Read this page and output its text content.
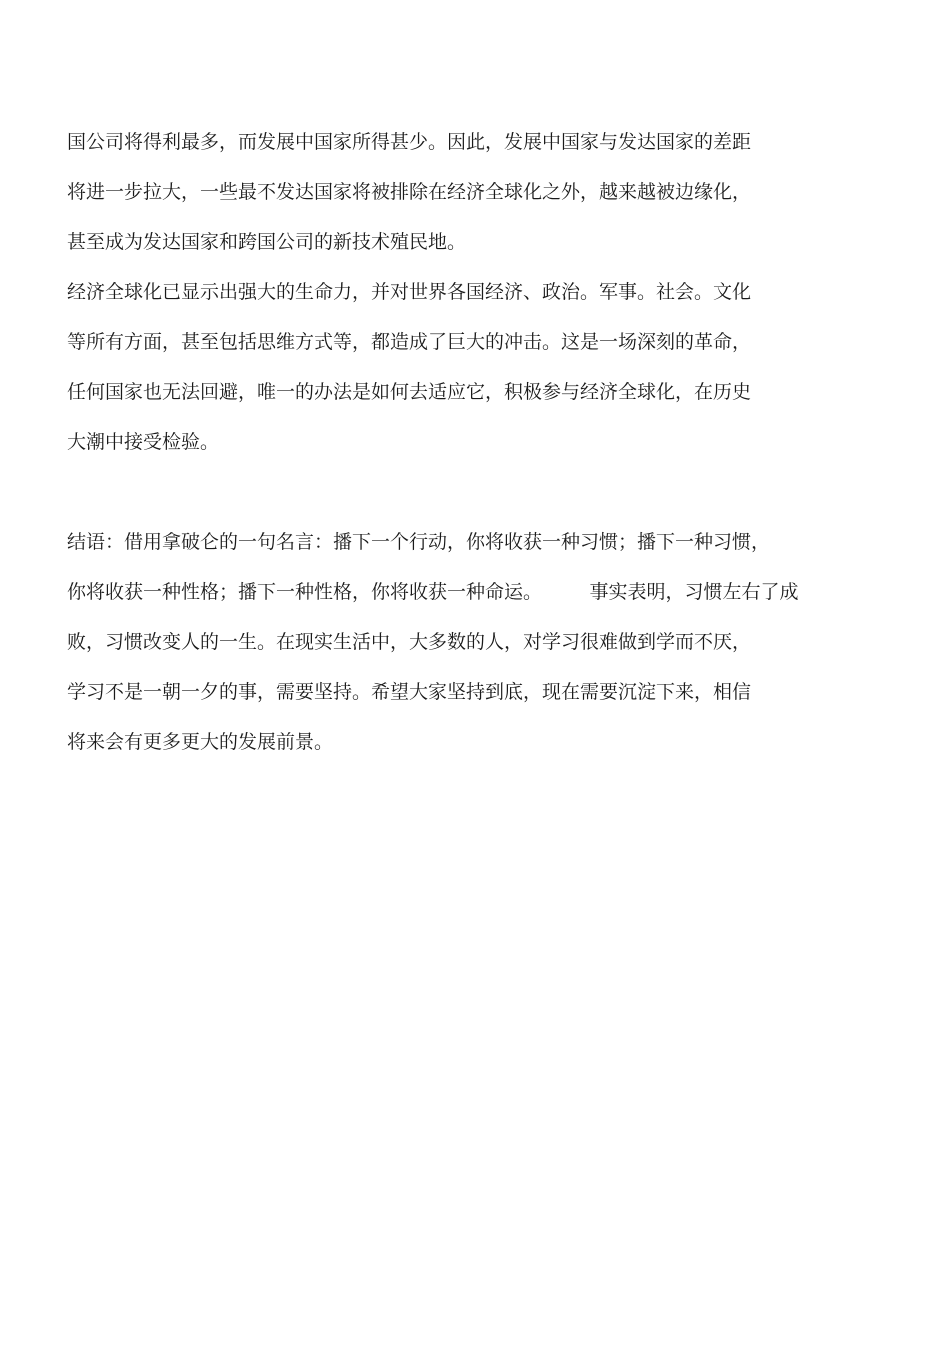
国公司将得利最多，而发展中国家所得甚少。因此，发展中国家与发达国家的差距
将进一步拉大，一些最不发达国家将被排除在经济全球化之外，越来越被边缘化，
甚至成为发达国家和跨国公司的新技术殖民地。
经济全球化已显示出强大的生命力，并对世界各国经济、政治。军事。社会。文化
等所有方面，甚至包括思维方式等，都造成了巨大的冲击。这是一场深刻的革命，
任何国家也无法回避，唯一的办法是如何去适应它，积极参与经济全球化，在历史
大潮中接受检验。
结语：借用拿破仑的一句名言：播下一个行动，你将收获一种习惯；播下一种习惯，
你将收获一种性格；播下一种性格，你将收获一种命运。　　　事实表明，习惯左右了成
败，习惯改变人的一生。在现实生活中，大多数的人，对学习很难做到学而不厌，
学习不是一朝一夕的事，需要坚持。希望大家坚持到底，现在需要沉淀下来，相信
将来会有更多更大的发展前景。
